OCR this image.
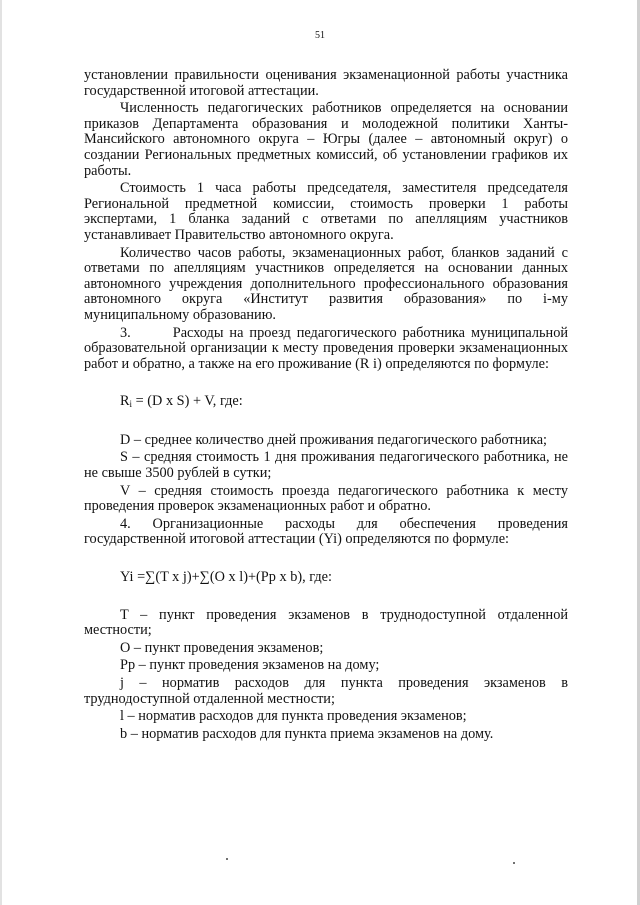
51

установлении правильности оценивания экзаменационной работы участника государственной итоговой аттестации.

Численность педагогических работников определяется на основании приказов Департамента образования и молодежной политики Ханты-Мансийского автономного округа – Югры (далее – автономный округ) о создании Региональных предметных комиссий, об установлении графиков их работы.

Стоимость 1 часа работы председателя, заместителя председателя Региональной предметной комиссии, стоимость проверки 1 работы экспертами, 1 бланка заданий с ответами по апелляциям участников устанавливает Правительство автономного округа.

Количество часов работы, экзаменационных работ, бланков заданий с ответами по апелляциям участников определяется на основании данных автономного учреждения дополнительного профессионального образования автономного округа «Институт развития образования» по i-му муниципальному образованию.

3.       Расходы на проезд педагогического работника муниципальной образовательной организации к месту проведения проверки экзаменационных работ и обратно, а также на его проживание (R i) определяются по формуле:

$R_i = (D$ x S) + V, где:

D – среднее количество дней проживания педагогического работника;

S – средняя стоимость 1 дня проживания педагогического работника, не не свыше 3500 рублей в сутки;

V – средняя стоимость проезда педагогического работника к месту проведения проверок экзаменационных работ и обратно.

4. Организационные расходы для обеспечения проведения государственной итоговой аттестации (Yi) определяются по формуле:

Yi =∑(T x j)+∑(O x l)+(Pp x b), где:

T – пункт проведения экзаменов в труднодоступной отдаленной местности;

O – пункт проведения экзаменов;

Pp – пункт проведения экзаменов на дому;

j – норматив расходов для пункта проведения экзаменов в труднодоступной отдаленной местности;

l – норматив расходов для пункта проведения экзаменов;

b – норматив расходов для пункта приема экзаменов на дому.
